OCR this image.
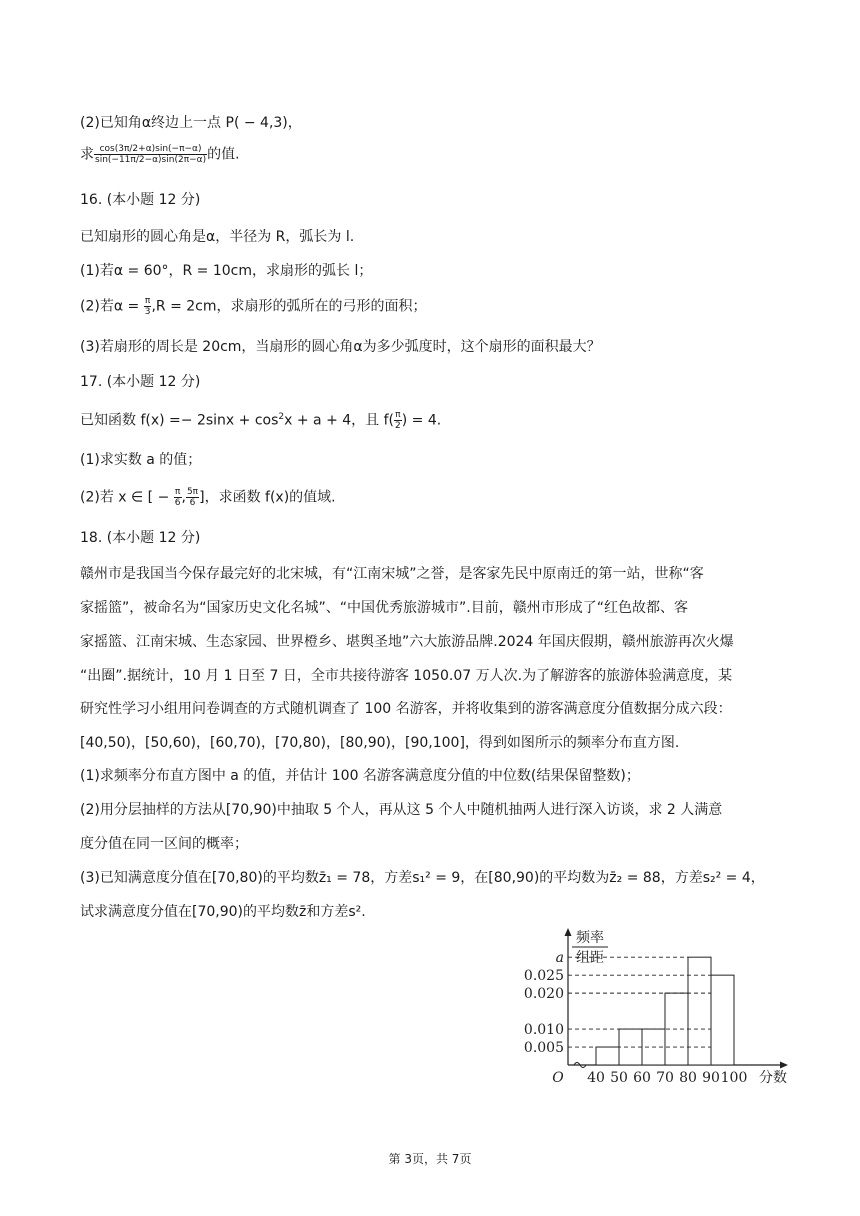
(2)已知角α终边上一点 P( − 4,3)，
求 $\frac{\cos(3\pi/2+\alpha)\sin(-\pi-\alpha)}{\sin(-11\pi/2-\alpha)\sin(2\pi-\alpha)}$ 的值.
16. (本小题 12 分)
已知扇形的圆心角是α，半径为 R，弧长为 l.
(1)若α = 60°，R = 10cm，求扇形的弧长 l；
(2)若$\alpha = \frac{\pi}{3} ,R = 2cm$，求扇形的弧所在的弓形的面积；
(3)若扇形的周长是 20cm，当扇形的圆心角α为多少弧度时，这个扇形的面积最大？
17. (本小题 12 分)
已知函数 $f(x) =- 2\sin x + \cos^2x + a + 4$，且 $f( \frac{\pi}{2}$ ) = 4.
(1)求实数 a 的值；
(2)若 x ∈ [ − $\frac{\pi}{6}$ , $\frac{5\pi}{6}$ ]，求函数 f(x)的值域.
18. (本小题 12 分)
赣州市是我国当今保存最完好的北宋城，有“江南宋城”之誉，是客家先民中原南迁的第一站，世称“客
家摇篮”，被命名为“国家历史文化名城”、“中国优秀旅游城市”.目前，赣州市形成了“红色故都、客
家摇篮、江南宋城、生态家园、世界橙乡、堪舆圣地”六大旅游品牌.2024 年国庆假期，赣州旅游再次火爆
“出圈”.据统计，10 月 1 日至 7 日，全市共接待游客 1050.07 万人次.为了解游客的旅游体验满意度，某
研究性学习小组用问卷调查的方式随机调查了 100 名游客，并将收集到的游客满意度分值数据分成六段：
[40,50)，[50,60)，[60,70)，[70,80)，[80,90)，[90,100]，得到如图所示的频率分布直方图.
(1)求频率分布直方图中 a 的值，并估计 100 名游客满意度分值的中位数(结果保留整数)；
(2)用分层抽样的方法从[70,90)中抽取 5 个人，再从这 5 个人中随机抽两人进行深入访谈，求 2 人满意
度分值在同一区间的概率；
(3)已知满意度分值在[70,80)的平均数z̄₁ = 78，方差s₁² = 9，在[80,90)的平均数为z̄₂ = 88，方差s₂² = 4，
试求满意度分值在[70,90)的平均数z̄和方差s².
0.005
0.010
0.020
0.025
a
40 50 60 70 80 90 100 分数
O
频率
组距
第 3页，共 7页
